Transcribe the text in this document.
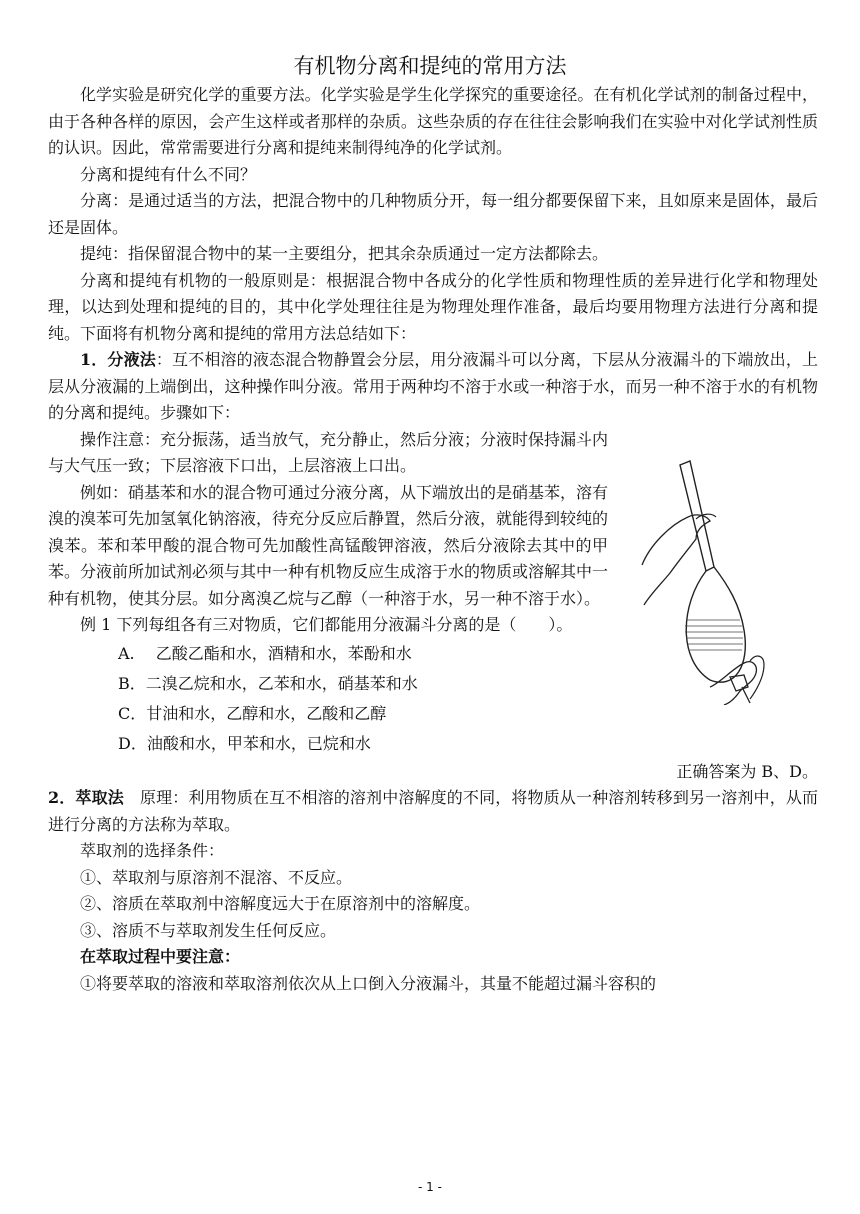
有机物分离和提纯的常用方法

化学实验是研究化学的重要方法。化学实验是学生化学探究的重要途径。在有机化学试剂的制备过程中，由于各种各样的原因，会产生这样或者那样的杂质。这些杂质的存在往往会影响我们在实验中对化学试剂性质的认识。因此，常常需要进行分离和提纯来制得纯净的化学试剂。

分离和提纯有什么不同？

分离：是通过适当的方法，把混合物中的几种物质分开，每一组分都要保留下来，且如原来是固体，最后还是固体。

提纯：指保留混合物中的某一主要组分，把其余杂质通过一定方法都除去。

分离和提纯有机物的一般原则是：根据混合物中各成分的化学性质和物理性质的差异进行化学和物理处理，以达到处理和提纯的目的，其中化学处理往往是为物理处理作准备，最后均要用物理方法进行分离和提纯。下面将有机物分离和提纯的常用方法总结如下：

1．分液法：互不相溶的液态混合物静置会分层，用分液漏斗可以分离，下层从分液漏斗的下端放出，上层从分液漏的上端倒出，这种操作叫分液。常用于两种均不溶于水或一种溶于水，而另一种不溶于水的有机物的分离和提纯。步骤如下：

操作注意：充分振荡，适当放气，充分静止，然后分液；分液时保持漏斗内与大气压一致；下层溶液下口出，上层溶液上口出。

例如：硝基苯和水的混合物可通过分液分离，从下端放出的是硝基苯，溶有溴的溴苯可先加氢氧化钠溶液，待充分反应后静置，然后分液，就能得到较纯的溴苯。苯和苯甲酸的混合物可先加酸性高锰酸钾溶液，然后分液除去其中的甲苯。分液前所加试剂必须与其中一种有机物反应生成溶于水的物质或溶解其中一种有机物，使其分层。如分离溴乙烷与乙醇（一种溶于水，另一种不溶于水）。

例 1 下列每组各有三对物质，它们都能用分液漏斗分离的是（　　）。

A.　 乙酸乙酯和水，酒精和水，苯酚和水

B．二溴乙烷和水，乙苯和水，硝基苯和水

C．甘油和水，乙醇和水，乙酸和乙醇

D．油酸和水，甲苯和水，已烷和水

正确答案为 B、D。

2．萃取法　原理：利用物质在互不相溶的溶剂中溶解度的不同，将物质从一种溶剂转移到另一溶剂中，从而进行分离的方法称为萃取。

萃取剂的选择条件：

①、萃取剂与原溶剂不混溶、不反应。

②、溶质在萃取剂中溶解度远大于在原溶剂中的溶解度。

③、溶质不与萃取剂发生任何反应。

在萃取过程中要注意：

①将要萃取的溶液和萃取溶剂依次从上口倒入分液漏斗，其量不能超过漏斗容积的

- 1 -
